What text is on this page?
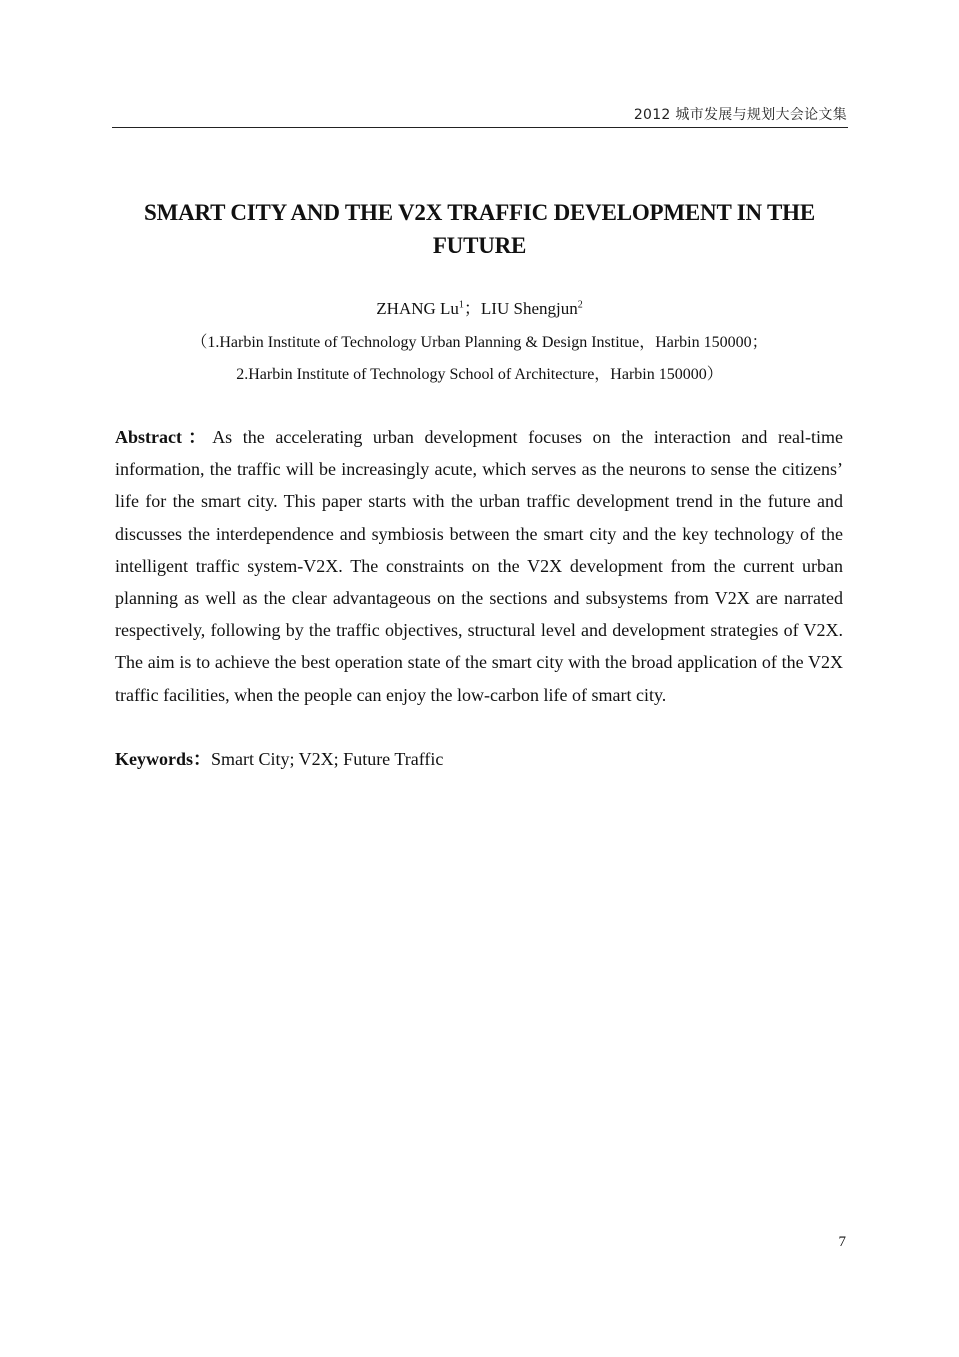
2012 城市发展与规划大会论文集
SMART CITY AND THE V2X TRAFFIC DEVELOPMENT IN THE FUTURE
ZHANG Lu$^1$；LIU Shengjun$^2$
（1.Harbin Institute of Technology Urban Planning & Design Institue，Harbin 150000；
2.Harbin Institute of Technology School of Architecture，Harbin 150000）

Abstract：As the accelerating urban development focuses on the interaction and real-time information, the traffic will be increasingly acute, which serves as the neurons to sense the citizens’ life for the smart city. This paper starts with the urban traffic development trend in the future and discusses the interdependence and symbiosis between the smart city and the key technology of the intelligent traffic system-V2X. The constraints on the V2X development from the current urban planning as well as the clear advantageous on the sections and subsystems from V2X are narrated respectively, following by the traffic objectives, structural level and development strategies of V2X. The aim is to achieve the best operation state of the smart city with the broad application of the V2X traffic facilities, when the people can enjoy the low-carbon life of smart city.

Keywords：Smart City; V2X; Future Traffic

7
